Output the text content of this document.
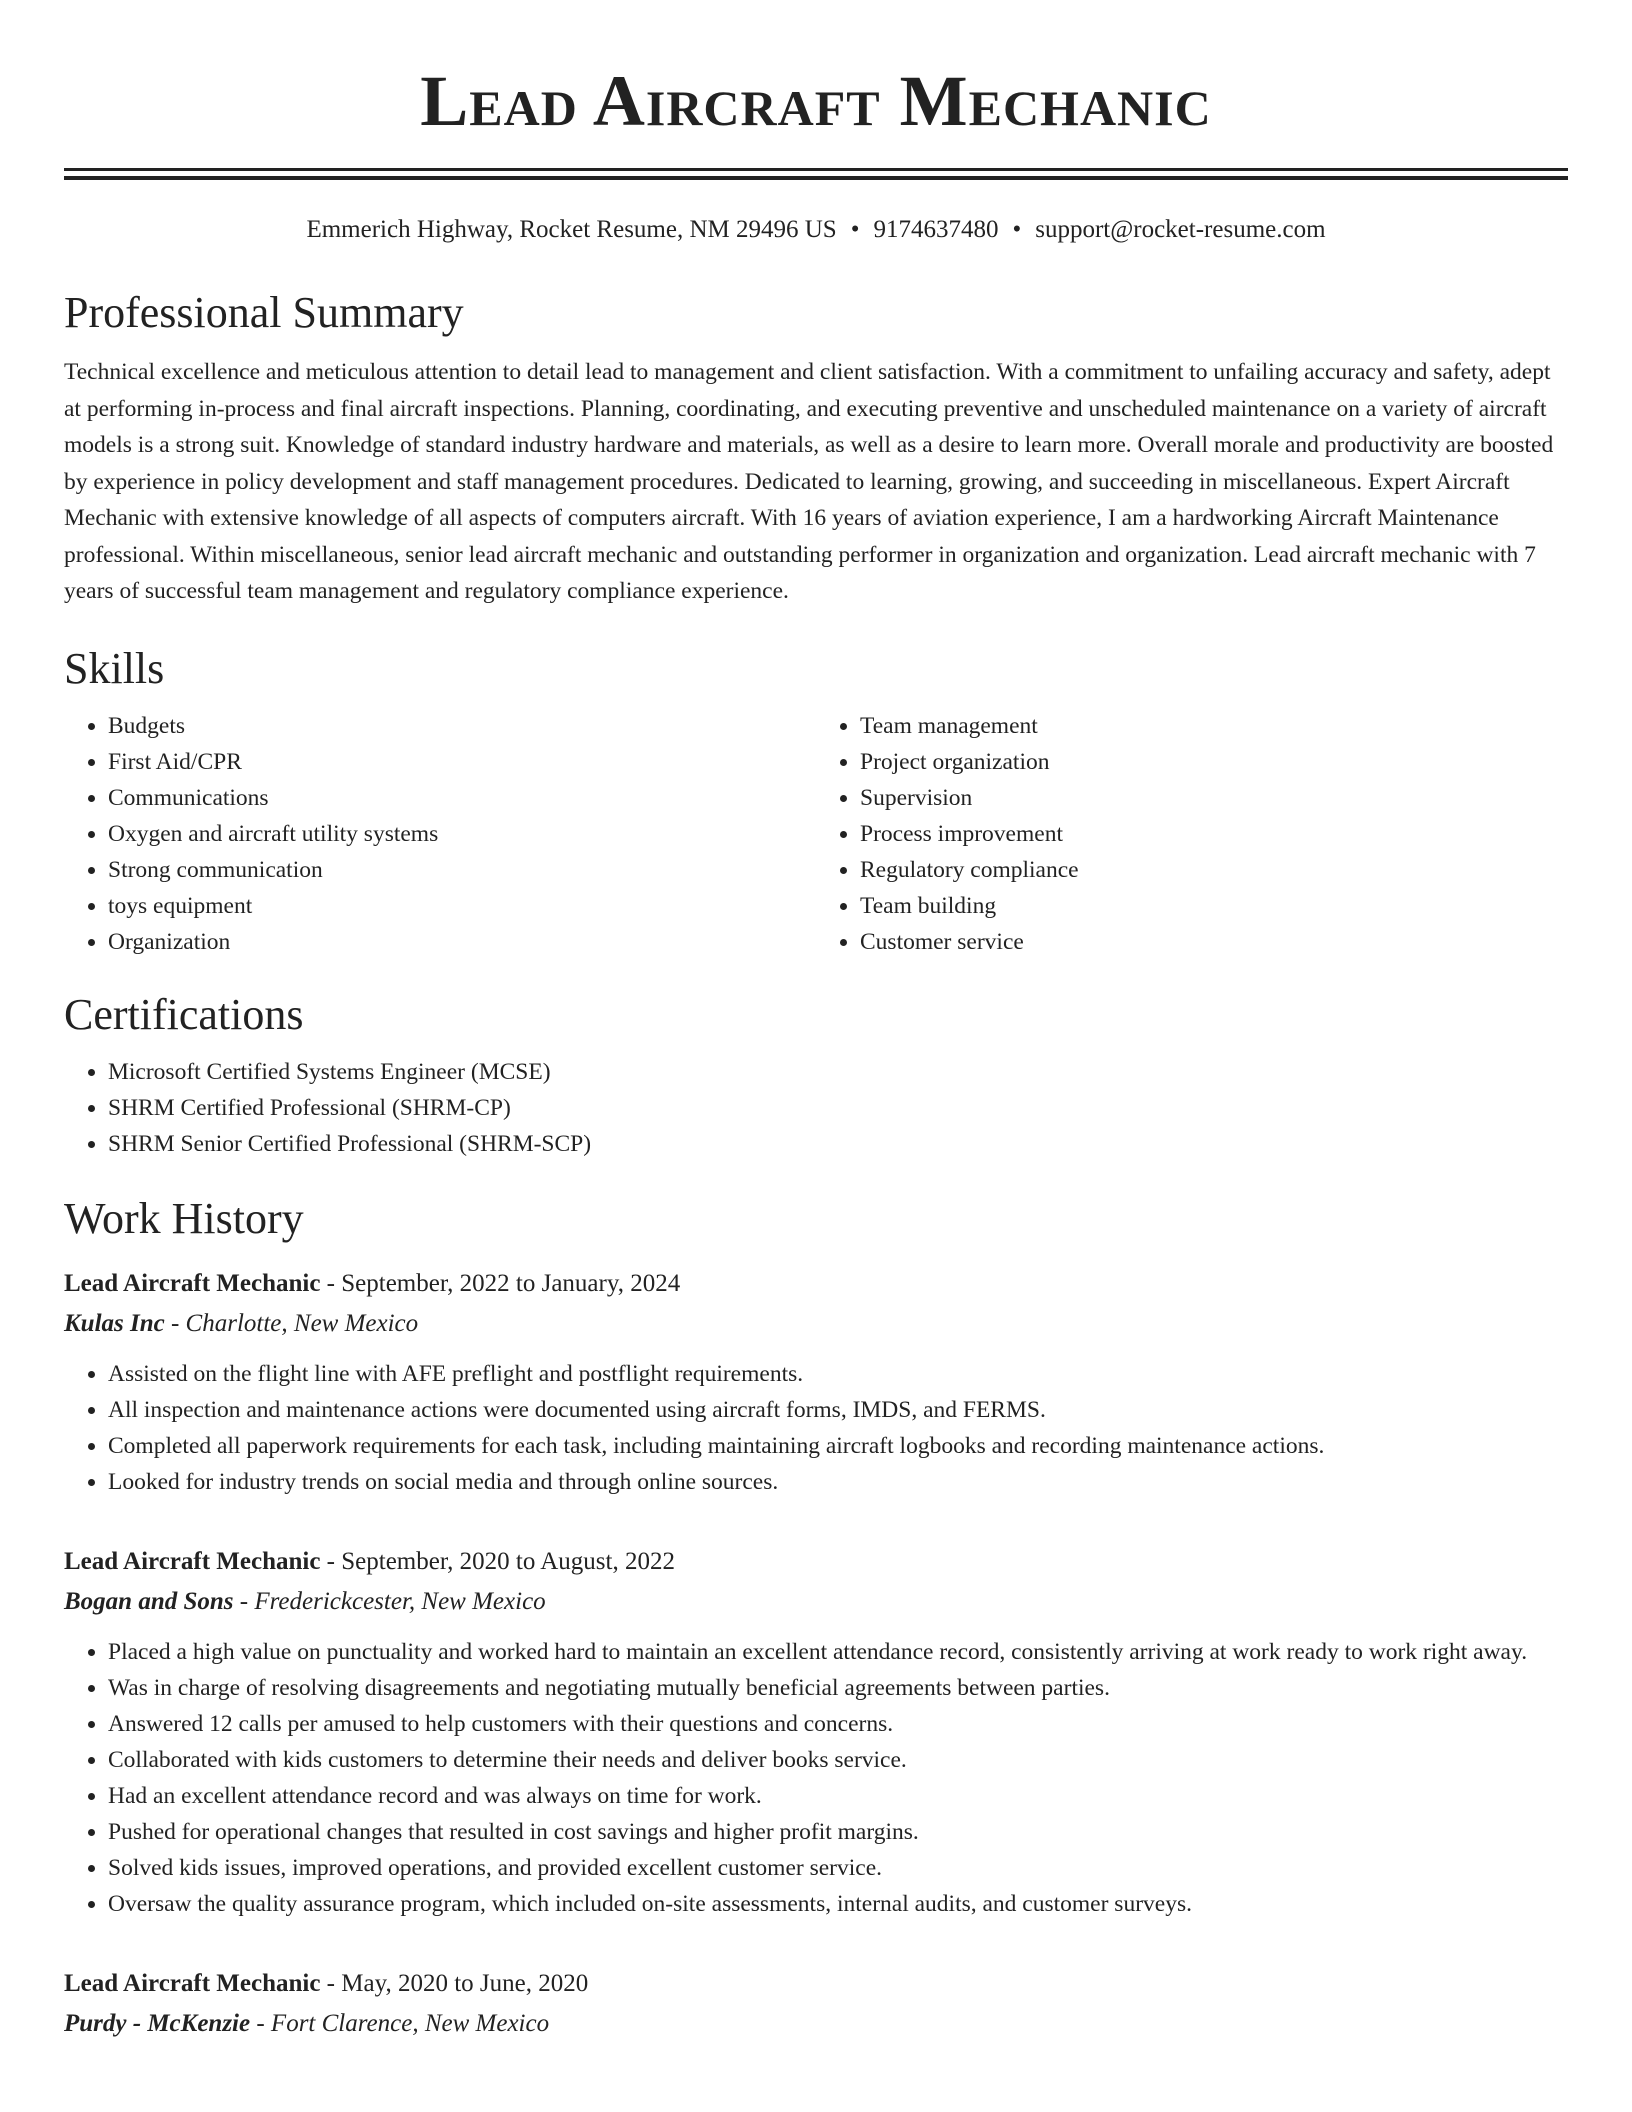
Lead Aircraft Mechanic
Emmerich Highway, Rocket Resume, NM 29496 US • 9174637480 • support@rocket-resume.com
Professional Summary

Technical excellence and meticulous attention to detail lead to management and client satisfaction. With a commitment to unfailing accuracy and safety, adept at performing in-process and final aircraft inspections. Planning, coordinating, and executing preventive and unscheduled maintenance on a variety of aircraft models is a strong suit. Knowledge of standard industry hardware and materials, as well as a desire to learn more. Overall morale and productivity are boosted by experience in policy development and staff management procedures. Dedicated to learning, growing, and succeeding in miscellaneous. Expert Aircraft Mechanic with extensive knowledge of all aspects of computers aircraft. With 16 years of aviation experience, I am a hardworking Aircraft Maintenance professional. Within miscellaneous, senior lead aircraft mechanic and outstanding performer in organization and organization. Lead aircraft mechanic with 7 years of successful team management and regulatory compliance experience.

Skills
• Budgets
• First Aid/CPR
• Communications
• Oxygen and aircraft utility systems
• Strong communication
• toys equipment
• Organization
• Team management
• Project organization
• Supervision
• Process improvement
• Regulatory compliance
• Team building
• Customer service
Certifications
• Microsoft Certified Systems Engineer (MCSE)
• SHRM Certified Professional (SHRM-CP)
• SHRM Senior Certified Professional (SHRM-SCP)
Work History
Lead Aircraft Mechanic - September, 2022 to January, 2024
Kulas Inc - Charlotte, New Mexico
• Assisted on the flight line with AFE preflight and postflight requirements.
• All inspection and maintenance actions were documented using aircraft forms, IMDS, and FERMS.
• Completed all paperwork requirements for each task, including maintaining aircraft logbooks and recording maintenance actions.
• Looked for industry trends on social media and through online sources.
Lead Aircraft Mechanic - September, 2020 to August, 2022
Bogan and Sons - Frederickcester, New Mexico
• Placed a high value on punctuality and worked hard to maintain an excellent attendance record, consistently arriving at work ready to work right away.
• Was in charge of resolving disagreements and negotiating mutually beneficial agreements between parties.
• Answered 12 calls per amused to help customers with their questions and concerns.
• Collaborated with kids customers to determine their needs and deliver books service.
• Had an excellent attendance record and was always on time for work.
• Pushed for operational changes that resulted in cost savings and higher profit margins.
• Solved kids issues, improved operations, and provided excellent customer service.
• Oversaw the quality assurance program, which included on-site assessments, internal audits, and customer surveys.
Lead Aircraft Mechanic - May, 2020 to June, 2020
Purdy - McKenzie - Fort Clarence, New Mexico
